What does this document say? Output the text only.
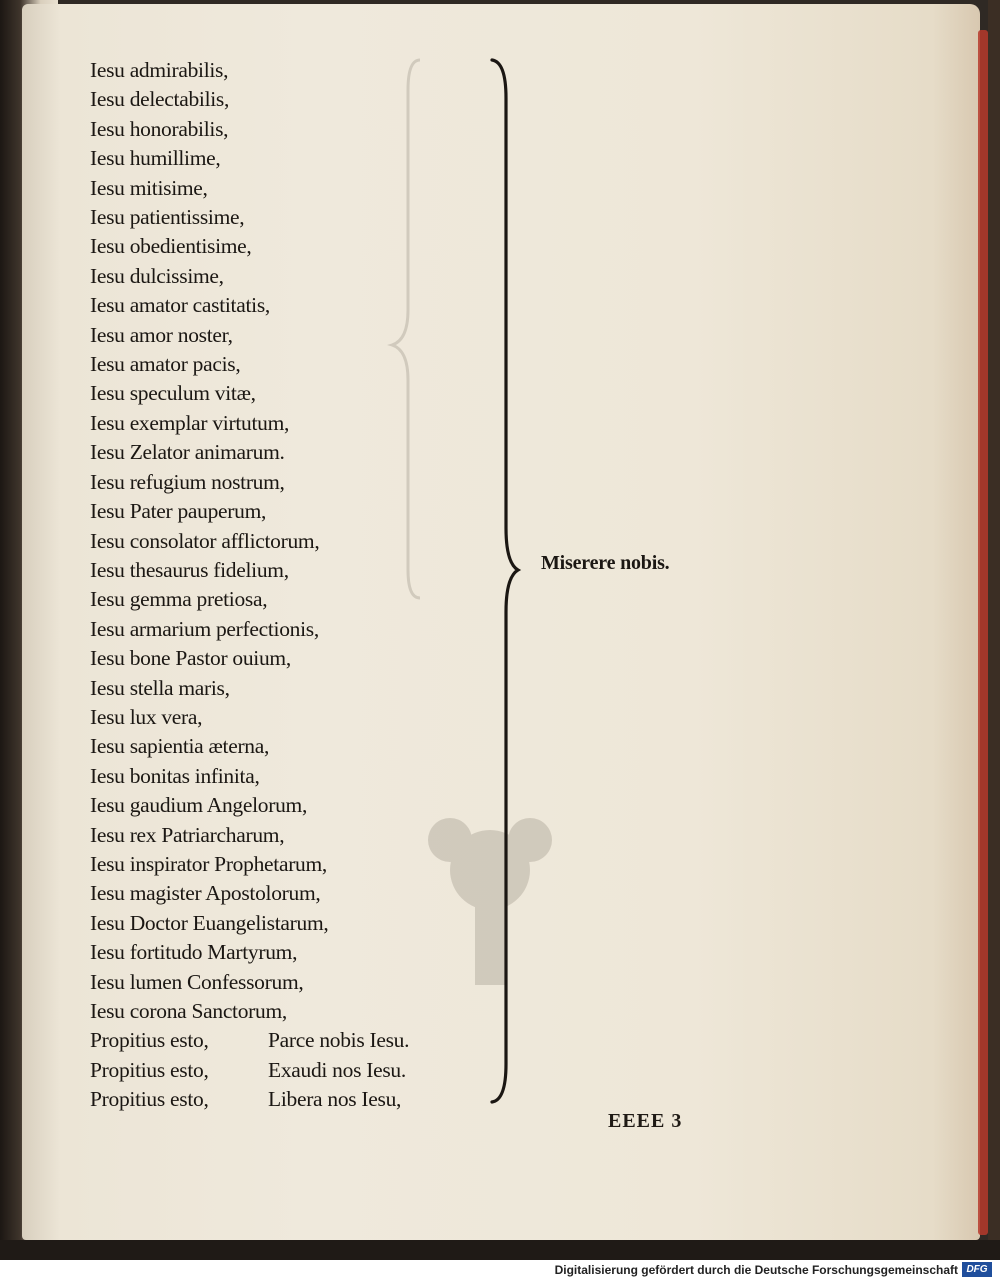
Iesu admirabilis,
Iesu delectabilis,
Iesu honorabilis,
Iesu humillime,
Iesu mitisime,
Iesu patientissime,
Iesu obedientisime,
Iesu dulcissime,
Iesu amator castitatis,
Iesu amor noster,
Iesu amator pacis,
Iesu speculum vitæ,
Iesu exemplar virtutum,
Iesu Zelator animarum.
Iesu refugium nostrum,
Iesu Pater pauperum,
Iesu consolator afflictorum,
Iesu thesaurus fidelium,
Iesu gemma pretiosa,
Iesu armarium perfectionis,
Iesu bone Pastor ouium,
Iesu stella maris,
Iesu lux vera,
Iesu sapientia æterna,
Iesu bonitas infinita,
Iesu gaudium Angelorum,
Iesu rex Patriarcharum,
Iesu inspirator Prophetarum,
Iesu magister Apostolorum,
Iesu Doctor Euangelistarum,
Iesu fortitudo Martyrum,
Iesu lumen Confessorum,
Iesu corona Sanctorum,
Propitius esto,	Parce nobis Iesu.
Propitius esto,	Exaudi nos Iesu.
Propitius esto,	Libera nos Iesu,
Miserere nobis.
EEEE 3
Digitalisierung gefördert durch die Deutsche Forschungsgemeinschaft DFG
